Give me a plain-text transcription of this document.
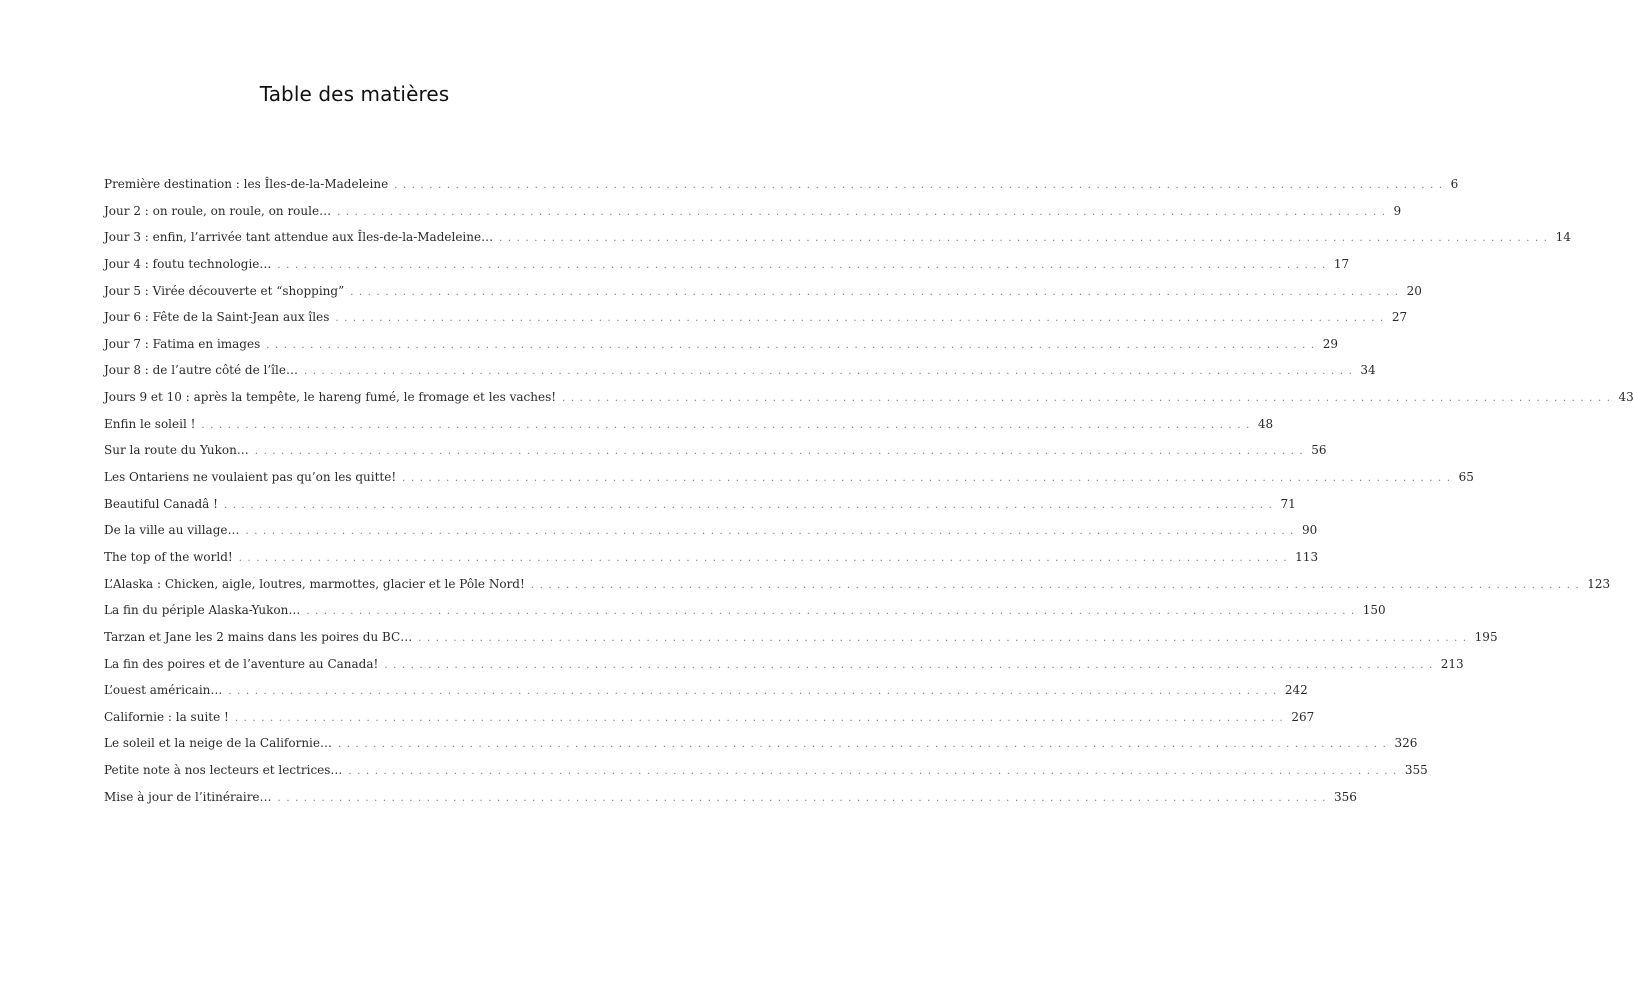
Table des matières
Première destination : les Îles-de-la-Madeleine ........................................................................................................................ 6
Jour 2 : on roule, on roule, on roule… ........................................................................................................................ 9
Jour 3 : enfin, l’arrivée tant attendue aux Îles-de-la-Madeleine… ........................................................................................................................ 14
Jour 4 : foutu technologie… ........................................................................................................................ 17
Jour 5 : Virée découverte et “shopping” ........................................................................................................................ 20
Jour 6 : Fête de la Saint-Jean aux îles ........................................................................................................................ 27
Jour 7 : Fatima en images ........................................................................................................................ 29
Jour 8 : de l’autre côté de l’île… ........................................................................................................................ 34
Jours 9 et 10 : après la tempête, le hareng fumé, le fromage et les vaches! ........................................................................................................................ 43
Enfin le soleil ! ........................................................................................................................ 48
Sur la route du Yukon… ........................................................................................................................ 56
Les Ontariens ne voulaient pas qu’on les quitte! ........................................................................................................................ 65
Beautiful Canadâ ! ........................................................................................................................ 71
De la ville au village… ........................................................................................................................ 90
The top of the world! ........................................................................................................................ 113
L’Alaska : Chicken, aigle, loutres, marmottes, glacier et le Pôle Nord! ........................................................................................................................ 123
La fin du périple Alaska-Yukon… ........................................................................................................................ 150
Tarzan et Jane les 2 mains dans les poires du BC… ........................................................................................................................ 195
La fin des poires et de l’aventure au Canada! ........................................................................................................................ 213
L’ouest américain… ........................................................................................................................ 242
Californie : la suite ! ........................................................................................................................ 267
Le soleil et la neige de la Californie… ........................................................................................................................ 326
Petite note à nos lecteurs et lectrices… ........................................................................................................................ 355
Mise à jour de l’itinéraire… ........................................................................................................................ 356
